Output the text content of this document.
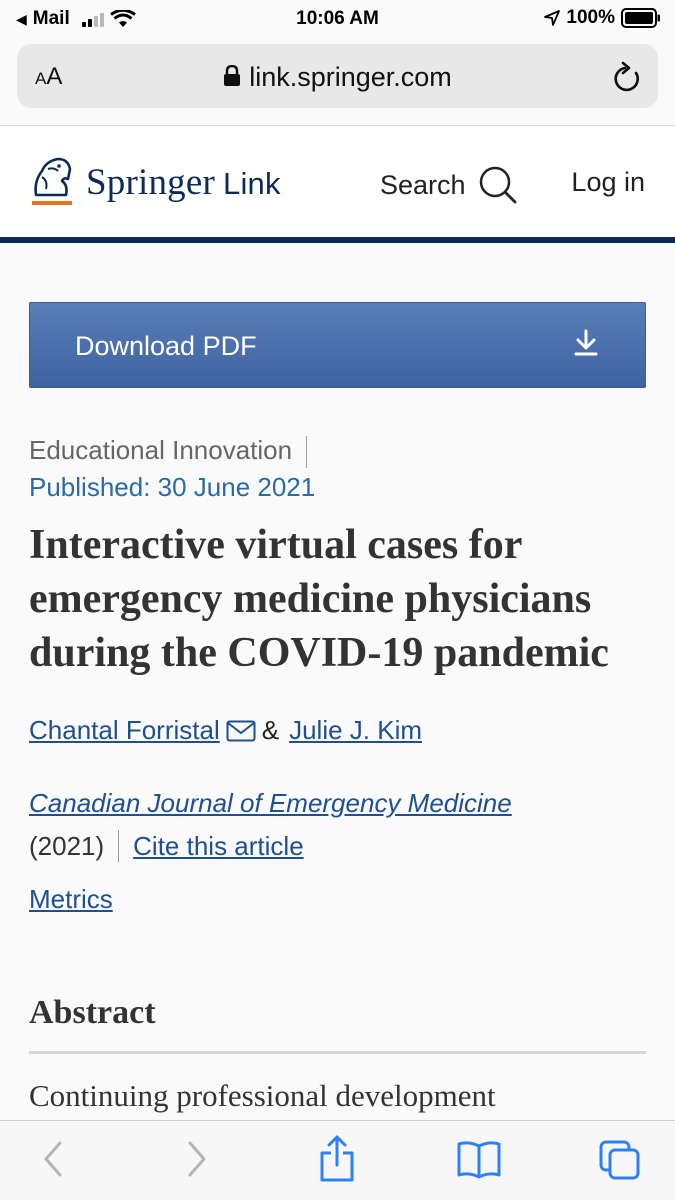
◀ Mail	10:06 AM	100%
AA	link.springer.com
Springer Link	Search	Log in
Download PDF
Educational Innovation
Published: 30 June 2021
Interactive virtual cases for emergency medicine physicians during the COVID-19 pandemic
Chantal Forristal & Julie J. Kim
Canadian Journal of Emergency Medicine
(2021) Cite this article
Metrics
Abstract

Continuing professional development
